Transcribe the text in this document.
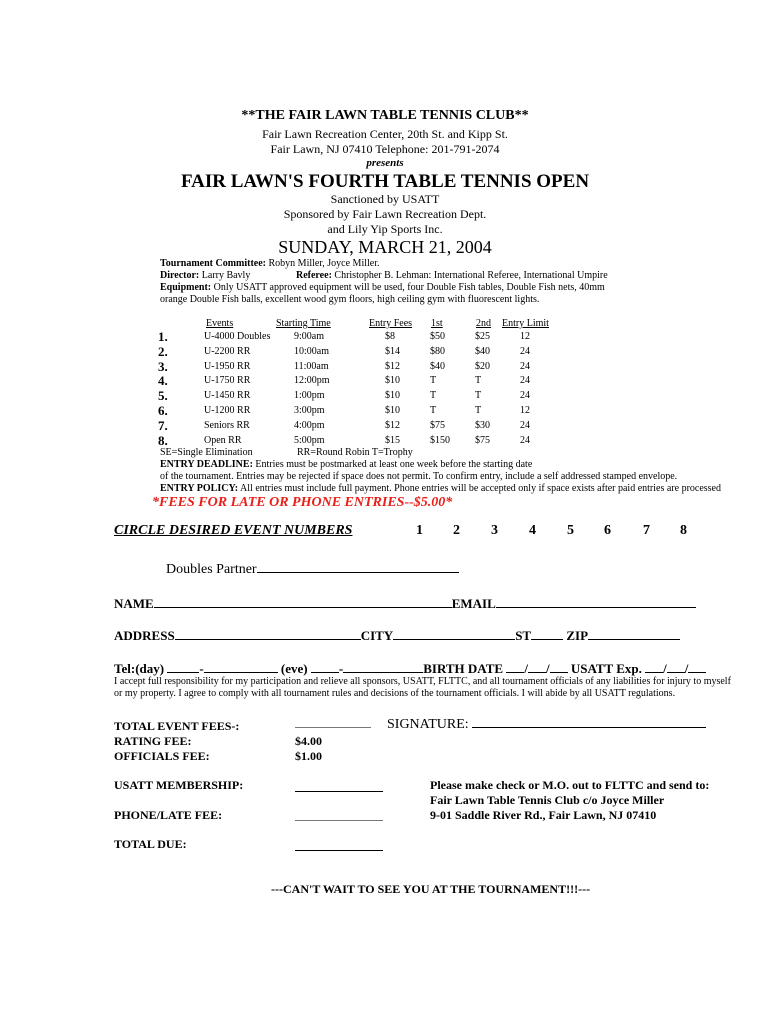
**THE FAIR LAWN TABLE TENNIS CLUB**
Fair Lawn Recreation Center, 20th St. and Kipp St.
Fair Lawn, NJ 07410 Telephone: 201-791-2074
presents
FAIR LAWN'S FOURTH TABLE TENNIS OPEN
Sanctioned by USATT
Sponsored by Fair Lawn Recreation Dept.
and Lily Yip Sports Inc.
SUNDAY, MARCH 21, 2004
Tournament Committee: Robyn Miller, Joyce Miller.
Director: Larry Bavly	Referee: Christopher B. Lehman: International Referee, International Umpire
Equipment: Only USATT approved equipment will be used, four Double Fish tables, Double Fish nets, 40mm
orange Double Fish balls, excellent wood gym floors, high ceiling gym with fluorescent lights.
Events	Starting Time	Entry Fees 1st	2nd Entry Limit
1.	U-4000 Doubles 9:00am	$8	$50	$25	12
2.	U-2200 RR	10:00am	$14	$80	$40	24
3.	U-1950 RR	11:00am	$12	$40	$20	24
4.	U-1750 RR	12:00pm	$10	T	T	24
5.	U-1450 RR	1:00pm	$10	T	T	24
6.	U-1200 RR	3:00pm	$10	T	T	12
7.	Seniors RR	4:00pm	$12	$75	$30	24
8.	Open RR	5:00pm	$15	$150	$75	24
SE=Single Elimination	RR=Round Robin T=Trophy
ENTRY DEADLINE: Entries must be postmarked at least one week before the starting date
of the tournament. Entries may be rejected if space does not permit. To confirm entry, include a self addressed stamped envelope.
ENTRY POLICY: All entries must include full payment. Phone entries will be accepted only if space exists after paid entries are processed
*FEES FOR LATE OR PHONE ENTRIES--$5.00*
CIRCLE DESIRED EVENT NUMBERS	1 2 3 4 5 6 7 8
Doubles Partner
NAME	EMAIL
ADDRESS	CITY	ST	ZIP
Tel:(day) -	(eve) -	BIRTH DATE / / USATT Exp. / /
I accept full responsibility for my participation and relieve all sponsors, USATT, FLTTC, and all tournament officials of any liabilities for injury to myself
or my property. I agree to comply with all tournament rules and decisions of the tournament officials. I will abide by all USATT regulations.
TOTAL EVENT FEES-:	SIGNATURE:
RATING FEE:	$4.00
OFFICIALS FEE:	$1.00
USATT MEMBERSHIP:
PHONE/LATE FEE:
TOTAL DUE:
Please make check or M.O. out to FLTTC and send to:
Fair Lawn Table Tennis Club c/o Joyce Miller
9-01 Saddle River Rd., Fair Lawn, NJ 07410
---CAN'T WAIT TO SEE YOU AT THE TOURNAMENT!!!---
